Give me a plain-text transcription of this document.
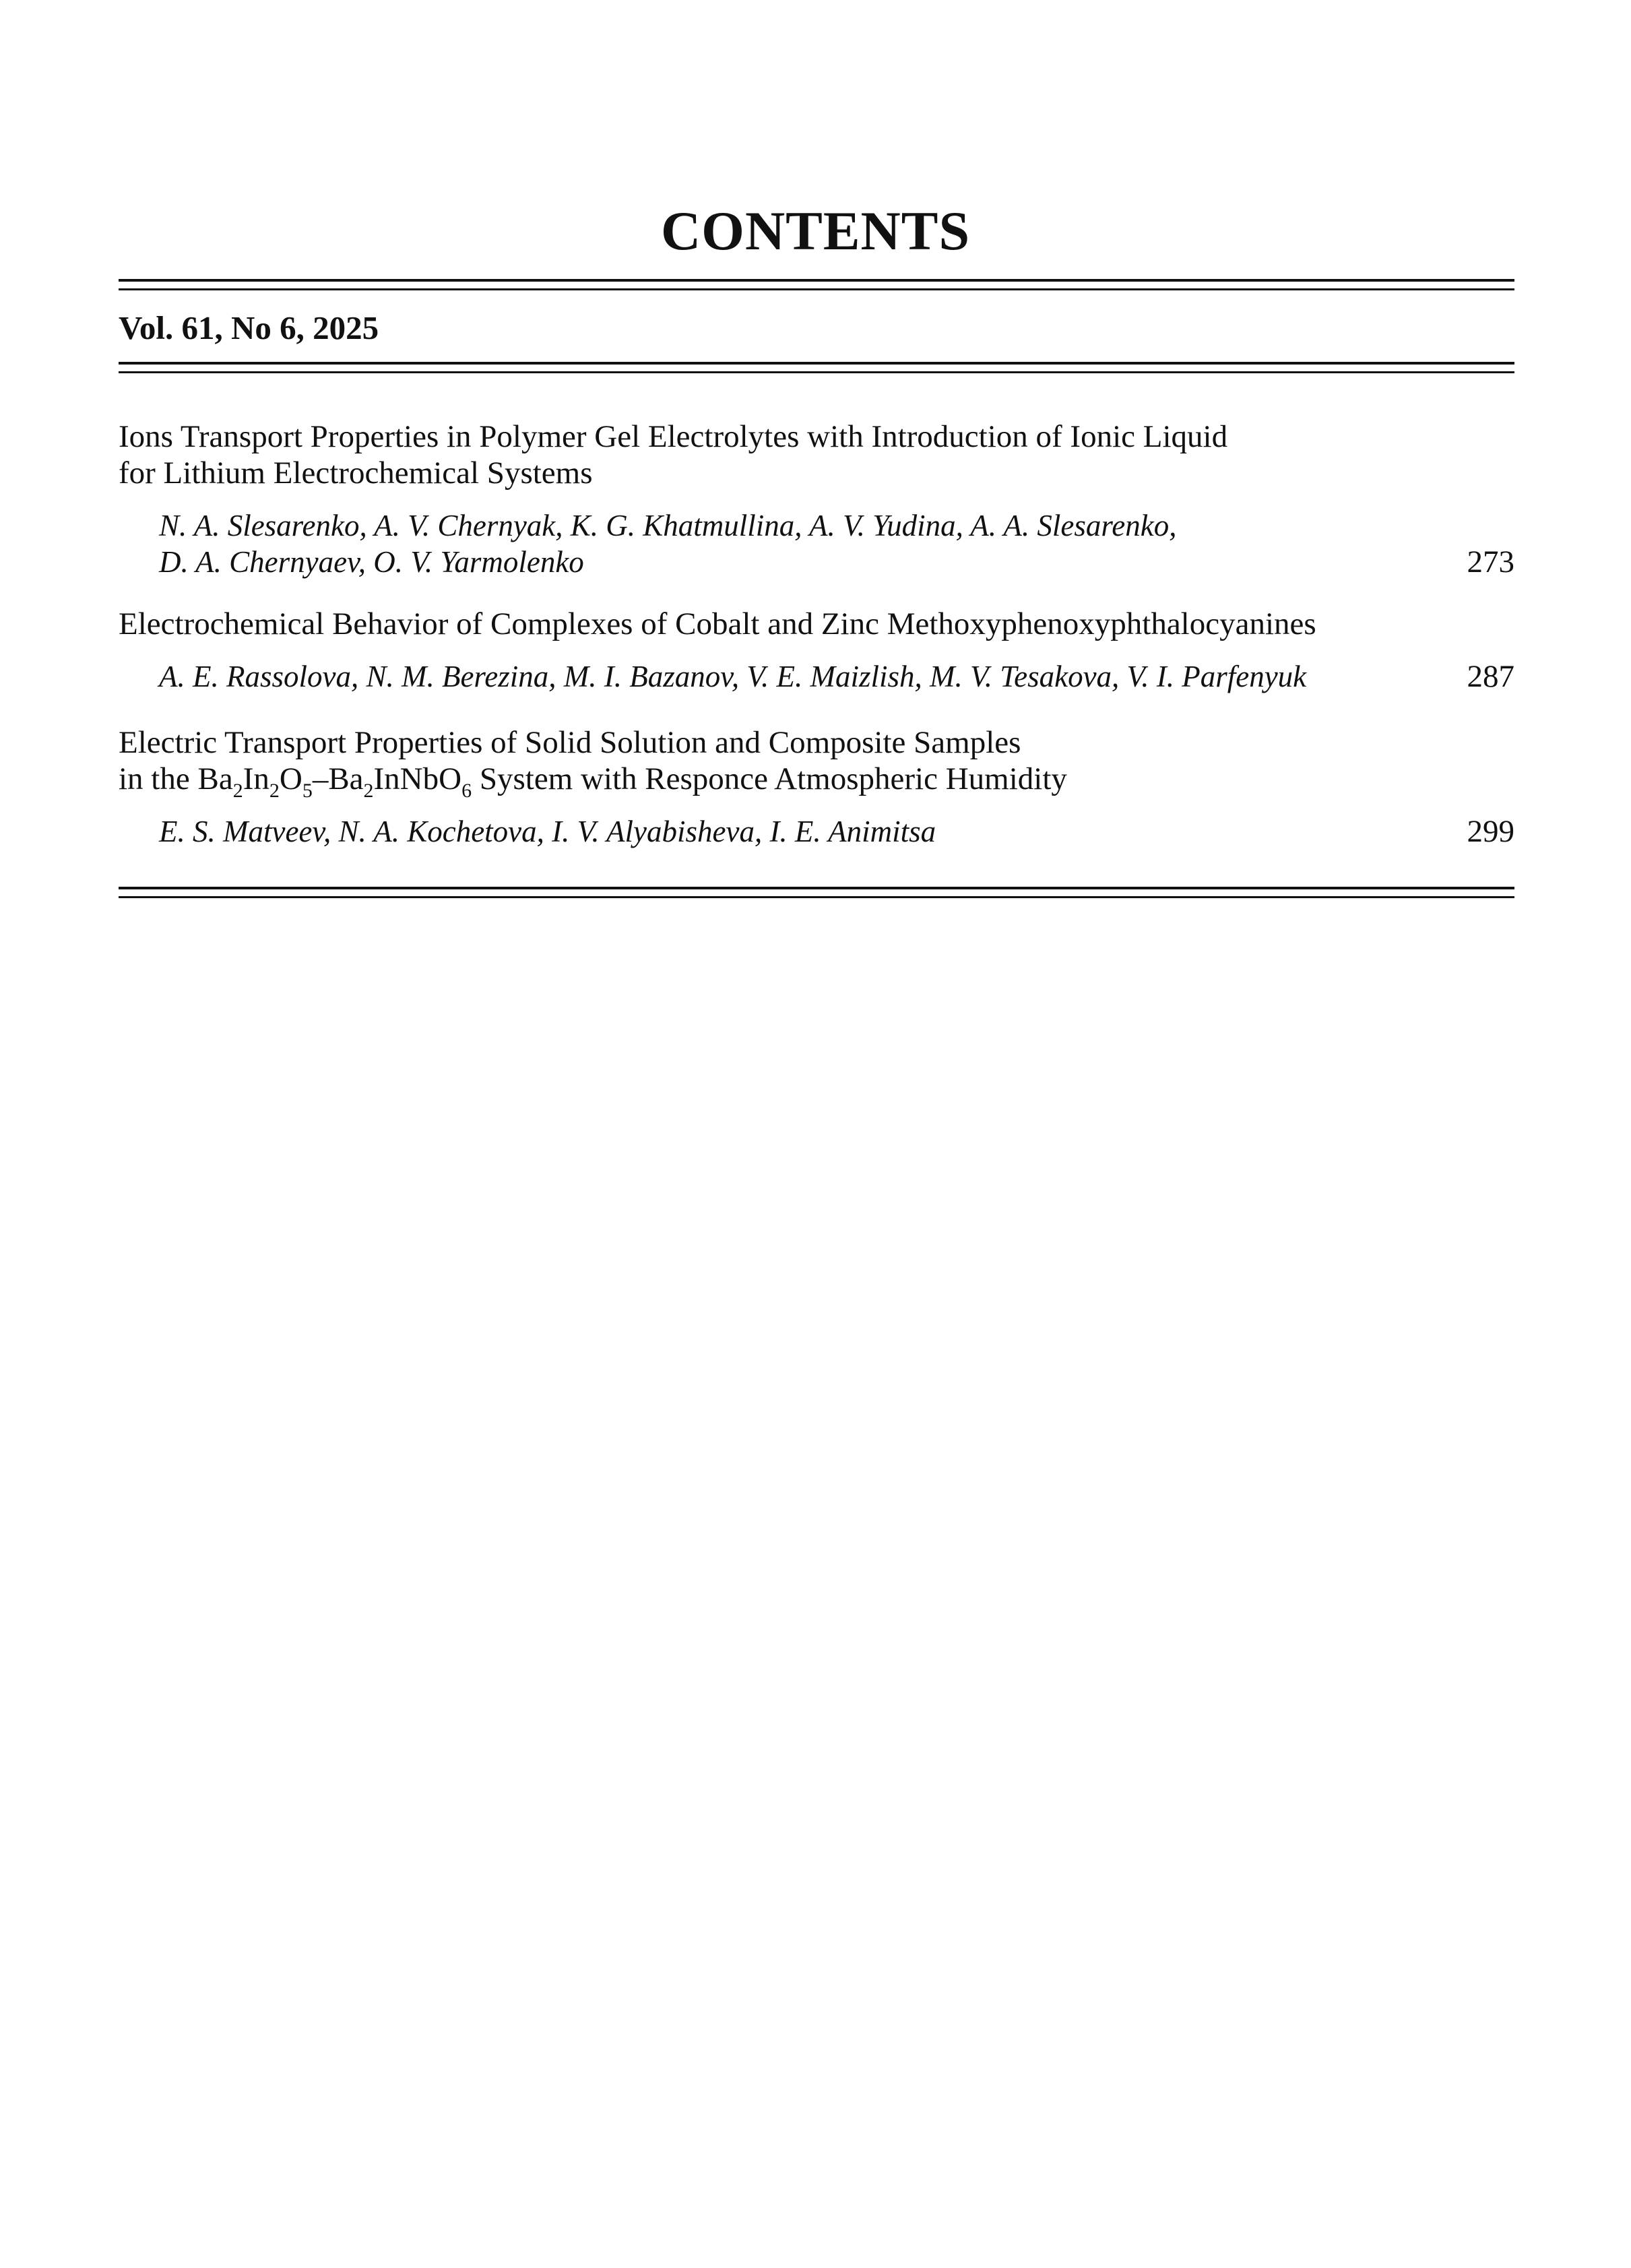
CONTENTS
Vol. 61, No 6, 2025

Ions Transport Properties in Polymer Gel Electrolytes with Introduction of Ionic Liquid
for Lithium Electrochemical Systems

N. A. Slesarenko, A. V. Chernyak, K. G. Khatmullina, A. V. Yudina, A. A. Slesarenko,
D. A. Chernyaev, O. V. Yarmolenko	273

Electrochemical Behavior of Complexes of Cobalt and Zinc Methoxyphenoxyphthalocyanines

A. E. Rassolova, N. M. Berezina, M. I. Bazanov, V. E. Maizlish, M. V. Tesakova, V. I. Parfenyuk	287

Electric Transport Properties of Solid Solution and Composite Samples
in the $Ba_2In_2O_5-Ba_2InNbO_6$ System with Responce Atmospheric Humidity

E. S. Matveev, N. A. Kochetova, I. V. Alyabisheva, I. E. Animitsa	299
